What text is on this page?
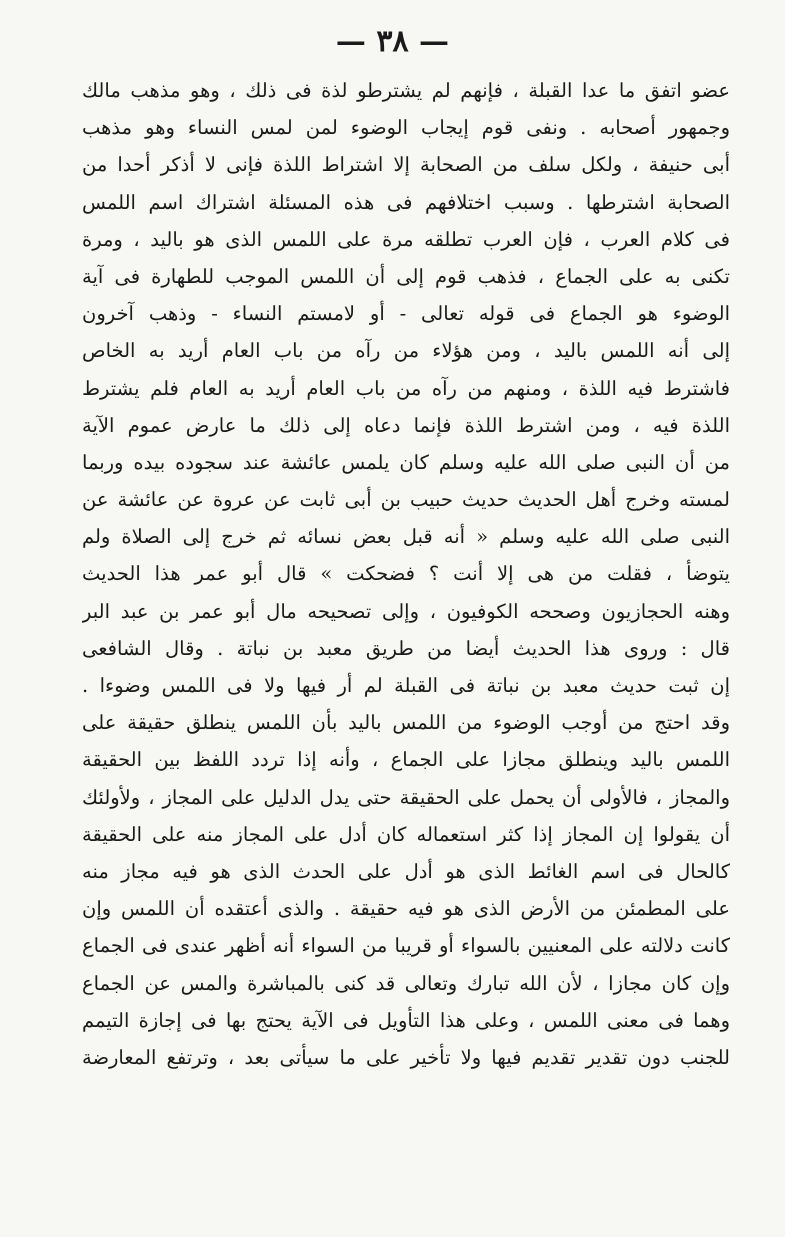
— ٣٨ —
عضو اتفق ما عدا القبلة ، فإنهم لم يشترطو لذة فى ذلك ، وهو مذهب مالك
وجمهور أصحابه . ونفى قوم إيجاب الوضوء لمن لمس النساء وهو مذهب
أبى حنيفة ، ولكل سلف من الصحابة إلا اشتراط اللذة فإنى لا أذكر أحدا من
الصحابة اشترطها . وسبب اختلافهم فى هذه المسئلة اشتراك اسم اللمس
فى كلام العرب ، فإن العرب تطلقه مرة على اللمس الذى هو باليد ، ومرة
تكنى به على الجماع ، فذهب قوم إلى أن اللمس الموجب للطهارة فى آية
الوضوء هو الجماع فى قوله تعالى - أو لامستم النساء - وذهب آخرون
إلى أنه اللمس باليد ، ومن هؤلاء من رآه من باب العام أريد به الخاص
فاشترط فيه اللذة ، ومنهم من رآه من باب العام أريد به العام فلم يشترط
اللذة فيه ، ومن اشترط اللذة فإنما دعاه إلى ذلك ما عارض عموم الآية
من أن النبى صلى الله عليه وسلم كان يلمس عائشة عند سجوده بيده وربما
لمسته وخرج أهل الحديث حديث حبيب بن أبى ثابت عن عروة عن عائشة عن
النبى صلى الله عليه وسلم « أنه قبل بعض نسائه ثم خرج إلى الصلاة ولم
يتوضأ ، فقلت من هى إلا أنت ؟ فضحكت » قال أبو عمر هذا الحديث
وهنه الحجازيون وصححه الكوفيون ، وإلى تصحيحه مال أبو عمر بن عبد البر
قال : وروى هذا الحديث أيضا من طريق معبد بن نباتة . وقال الشافعى
إن ثبت حديث معبد بن نباتة فى القبلة لم أر فيها ولا فى اللمس وضوءا .
وقد احتج من أوجب الوضوء من اللمس باليد بأن اللمس ينطلق حقيقة على
اللمس باليد وينطلق مجازا على الجماع ، وأنه إذا تردد اللفظ بين الحقيقة
والمجاز ، فالأولى أن يحمل على الحقيقة حتى يدل الدليل على المجاز ، ولأولئك
أن يقولوا إن المجاز إذا كثر استعماله كان أدل على المجاز منه على الحقيقة
كالحال فى اسم الغائط الذى هو أدل على الحدث الذى هو فيه مجاز منه
على المطمئن من الأرض الذى هو فيه حقيقة . والذى أعتقده أن اللمس وإن
كانت دلالته على المعنيين بالسواء أو قريبا من السواء أنه أظهر عندى فى الجماع
وإن كان مجازا ، لأن الله تبارك وتعالى قد كنى بالمباشرة والمس عن الجماع
وهما فى معنى اللمس ، وعلى هذا التأويل فى الآية يحتج بها فى إجازة التيمم
للجنب دون تقدير تقديم فيها ولا تأخير على ما سيأتى بعد ، وترتفع المعارضة
